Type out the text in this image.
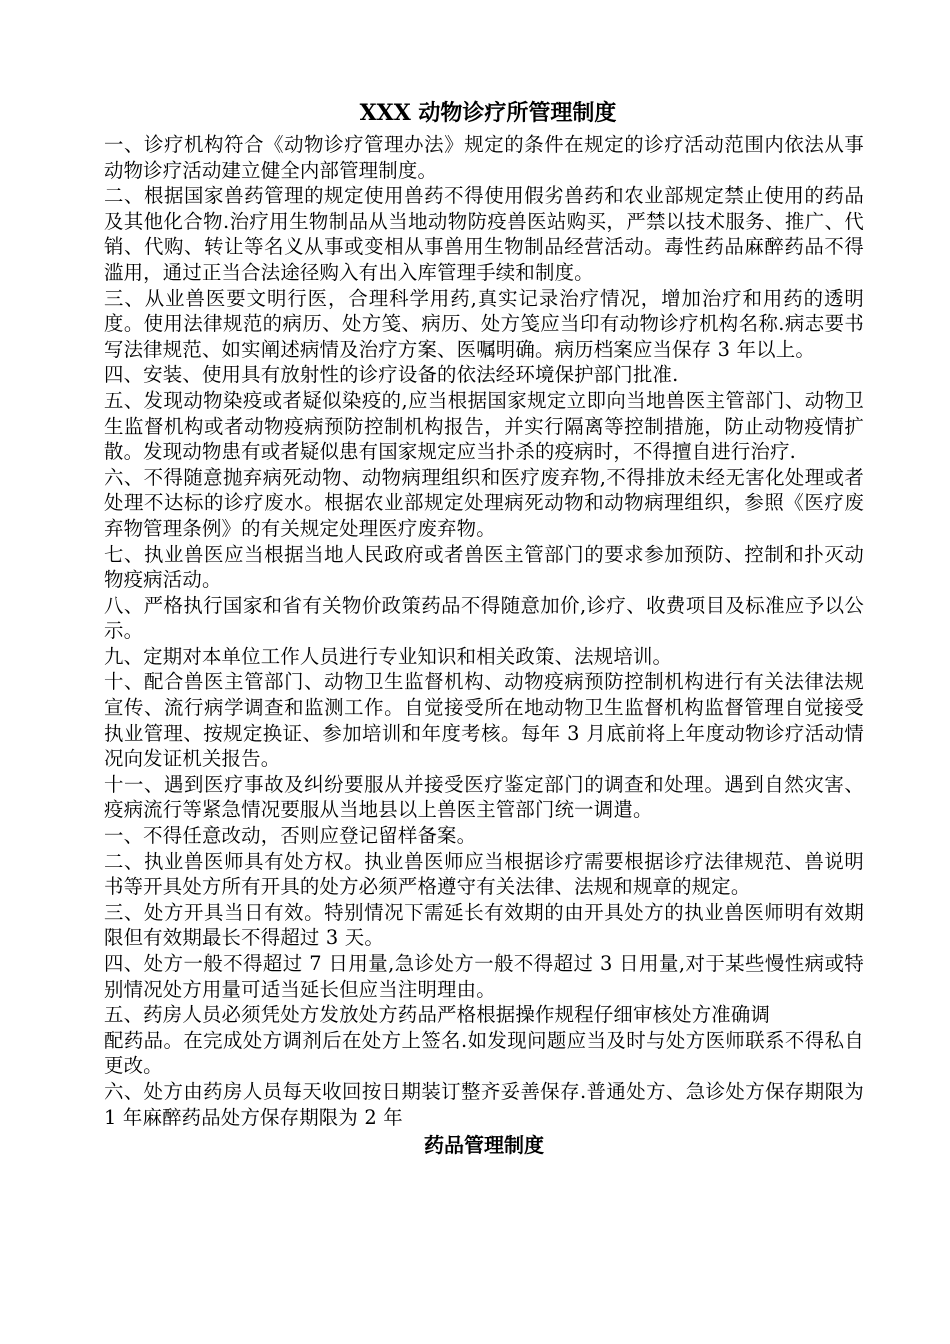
XXX 动物诊疗所管理制度

一、诊疗机构符合《动物诊疗管理办法》规定的条件在规定的诊疗活动范围内依法从事动物诊疗活动建立健全内部管理制度。

二、根据国家兽药管理的规定使用兽药不得使用假劣兽药和农业部规定禁止使用的药品及其他化合物.治疗用生物制品从当地动物防疫兽医站购买，严禁以技术服务、推广、代销、代购、转让等名义从事或变相从事兽用生物制品经营活动。毒性药品麻醉药品不得滥用，通过正当合法途径购入有出入库管理手续和制度。

三、从业兽医要文明行医，合理科学用药,真实记录治疗情况，增加治疗和用药的透明度。使用法律规范的病历、处方笺、病历、处方笺应当印有动物诊疗机构名称.病志要书写法律规范、如实阐述病情及治疗方案、医嘱明确。病历档案应当保存 3 年以上。

四、安装、使用具有放射性的诊疗设备的依法经环境保护部门批准.

五、发现动物染疫或者疑似染疫的,应当根据国家规定立即向当地兽医主管部门、动物卫生监督机构或者动物疫病预防控制机构报告，并实行隔离等控制措施，防止动物疫情扩散。发现动物患有或者疑似患有国家规定应当扑杀的疫病时，不得擅自进行治疗.

六、不得随意抛弃病死动物、动物病理组织和医疗废弃物,不得排放未经无害化处理或者处理不达标的诊疗废水。根据农业部规定处理病死动物和动物病理组织，参照《医疗废弃物管理条例》的有关规定处理医疗废弃物。

七、执业兽医应当根据当地人民政府或者兽医主管部门的要求参加预防、控制和扑灭动物疫病活动。

八、严格执行国家和省有关物价政策药品不得随意加价,诊疗、收费项目及标准应予以公示。

九、定期对本单位工作人员进行专业知识和相关政策、法规培训。

十、配合兽医主管部门、动物卫生监督机构、动物疫病预防控制机构进行有关法律法规宣传、流行病学调查和监测工作。自觉接受所在地动物卫生监督机构监督管理自觉接受执业管理、按规定换证、参加培训和年度考核。每年 3 月底前将上年度动物诊疗活动情况向发证机关报告。

十一、遇到医疗事故及纠纷要服从并接受医疗鉴定部门的调查和处理。遇到自然灾害、疫病流行等紧急情况要服从当地县以上兽医主管部门统一调遣。

一、不得任意改动，否则应登记留样备案。

二、执业兽医师具有处方权。执业兽医师应当根据诊疗需要根据诊疗法律规范、兽说明书等开具处方所有开具的处方必须严格遵守有关法律、法规和规章的规定。

三、处方开具当日有效。特别情况下需延长有效期的由开具处方的执业兽医师明有效期限但有效期最长不得超过 3 天。

四、处方一般不得超过 7 日用量,急诊处方一般不得超过 3 日用量,对于某些慢性病或特别情况处方用量可适当延长但应当注明理由。

五、药房人员必须凭处方发放处方药品严格根据操作规程仔细审核处方准确调

配药品。在完成处方调剂后在处方上签名.如发现问题应当及时与处方医师联系不得私自更改。

六、处方由药房人员每天收回按日期装订整齐妥善保存.普通处方、急诊处方保存期限为 1 年麻醉药品处方保存期限为 2 年

药品管理制度
